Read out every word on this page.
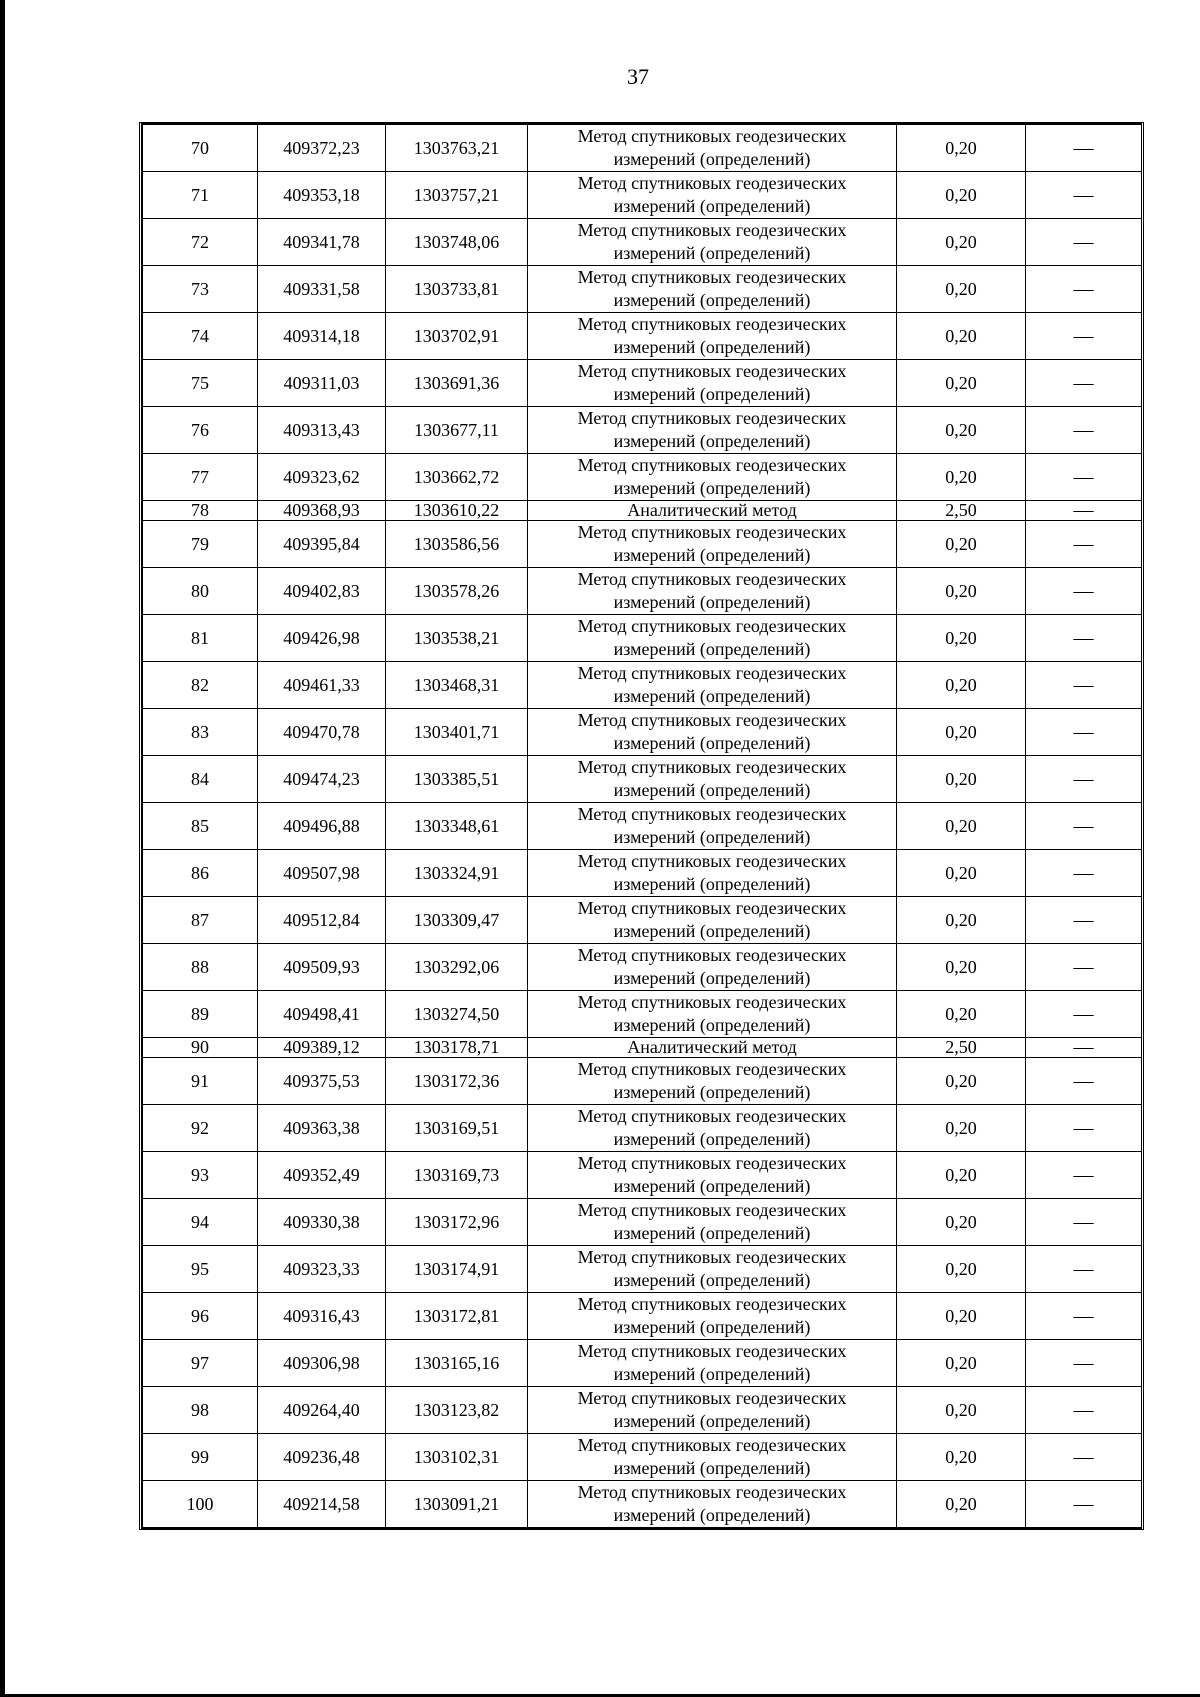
37
70	409372,23	1303763,21	Метод спутниковых геодезических
измерений (определений)	0,20	—
71	409353,18	1303757,21	Метод спутниковых геодезических
измерений (определений)	0,20	—
72	409341,78	1303748,06	Метод спутниковых геодезических
измерений (определений)	0,20	—
73	409331,58	1303733,81	Метод спутниковых геодезических
измерений (определений)	0,20	—
74	409314,18	1303702,91	Метод спутниковых геодезических
измерений (определений)	0,20	—
75	409311,03	1303691,36	Метод спутниковых геодезических
измерений (определений)	0,20	—
76	409313,43	1303677,11	Метод спутниковых геодезических
измерений (определений)	0,20	—
77	409323,62	1303662,72	Метод спутниковых геодезических
измерений (определений)	0,20	—
78	409368,93	1303610,22	Аналитический метод	2,50	—
79	409395,84	1303586,56	Метод спутниковых геодезических
измерений (определений)	0,20	—
80	409402,83	1303578,26	Метод спутниковых геодезических
измерений (определений)	0,20	—
81	409426,98	1303538,21	Метод спутниковых геодезических
измерений (определений)	0,20	—
82	409461,33	1303468,31	Метод спутниковых геодезических
измерений (определений)	0,20	—
83	409470,78	1303401,71	Метод спутниковых геодезических
измерений (определений)	0,20	—
84	409474,23	1303385,51	Метод спутниковых геодезических
измерений (определений)	0,20	—
85	409496,88	1303348,61	Метод спутниковых геодезических
измерений (определений)	0,20	—
86	409507,98	1303324,91	Метод спутниковых геодезических
измерений (определений)	0,20	—
87	409512,84	1303309,47	Метод спутниковых геодезических
измерений (определений)	0,20	—
88	409509,93	1303292,06	Метод спутниковых геодезических
измерений (определений)	0,20	—
89	409498,41	1303274,50	Метод спутниковых геодезических
измерений (определений)	0,20	—
90	409389,12	1303178,71	Аналитический метод	2,50	—
91	409375,53	1303172,36	Метод спутниковых геодезических
измерений (определений)	0,20	—
92	409363,38	1303169,51	Метод спутниковых геодезических
измерений (определений)	0,20	—
93	409352,49	1303169,73	Метод спутниковых геодезических
измерений (определений)	0,20	—
94	409330,38	1303172,96	Метод спутниковых геодезических
измерений (определений)	0,20	—
95	409323,33	1303174,91	Метод спутниковых геодезических
измерений (определений)	0,20	—
96	409316,43	1303172,81	Метод спутниковых геодезических
измерений (определений)	0,20	—
97	409306,98	1303165,16	Метод спутниковых геодезических
измерений (определений)	0,20	—
98	409264,40	1303123,82	Метод спутниковых геодезических
измерений (определений)	0,20	—
99	409236,48	1303102,31	Метод спутниковых геодезических
измерений (определений)	0,20	—
100	409214,58	1303091,21	Метод спутниковых геодезических
измерений (определений)	0,20	—
